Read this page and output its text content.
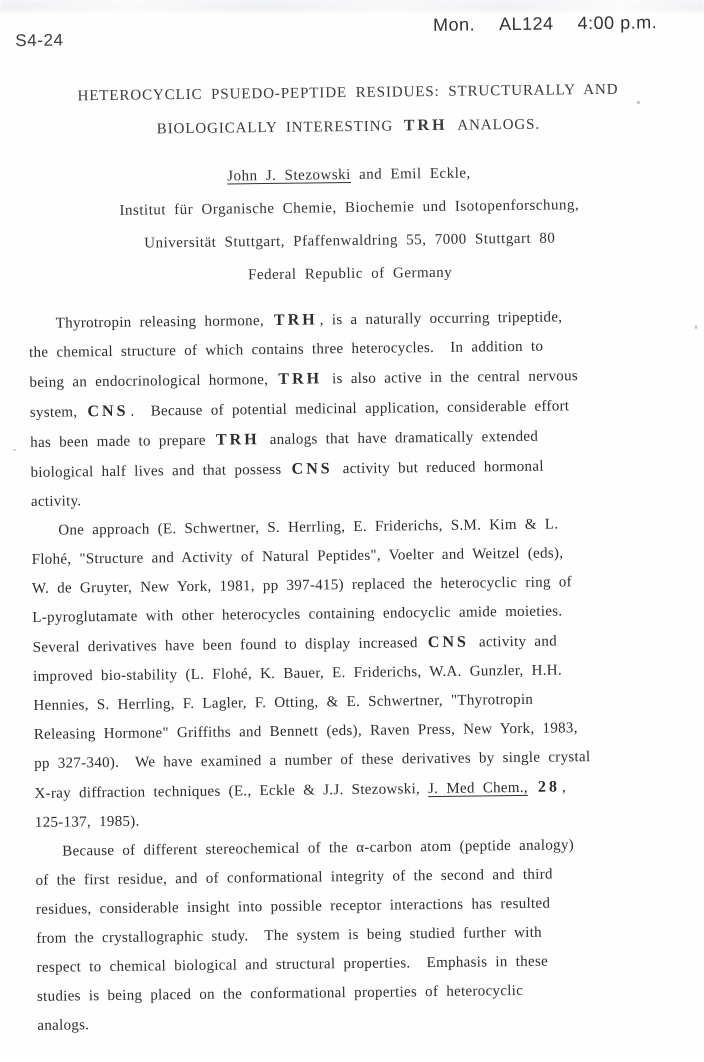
S4-24
Mon. AL124 4:00 p.m.
HETEROCYCLIC PSUEDO-PEPTIDE RESIDUES: STRUCTURALLY AND
BIOLOGICALLY INTERESTING TRH ANALOGS.
John J. Stezowski and Emil Eckle,
Institut für Organische Chemie, Biochemie und Isotopenforschung,
Universität Stuttgart, Pfaffenwaldring 55, 7000 Stuttgart 80
Federal Republic of Germany
Thyrotropin releasing hormone, TRH , is a naturally occurring tripeptide,
the chemical structure of which contains three heterocycles.  In addition to
being an endocrinological hormone, TRH is also active in the central nervous
system, CNS .  Because of potential medicinal application, considerable effort
has been made to prepare TRH analogs that have dramatically extended
biological half lives and that possess CNS activity but reduced hormonal
activity.
One approach (E. Schwertner, S. Herrling, E. Friderichs, S.M. Kim & L.
Flohé, "Structure and Activity of Natural Peptides", Voelter and Weitzel (eds),
W. de Gruyter, New York, 1981, pp 397-415) replaced the heterocyclic ring of
L-pyroglutamate with other heterocycles containing endocyclic amide moieties.
Several derivatives have been found to display increased CNS activity and
improved bio-stability (L. Flohé, K. Bauer, E. Friderichs, W.A. Gunzler, H.H.
Hennies, S. Herrling, F. Lagler, F. Otting, & E. Schwertner, "Thyrotropin
Releasing Hormone" Griffiths and Bennett (eds), Raven Press, New York, 1983,
pp 327-340).  We have examined a number of these derivatives by single crystal
X-ray diffraction techniques (E., Eckle & J.J. Stezowski, J. Med Chem., 28 ,
125-137, 1985).
Because of different stereochemical of the α-carbon atom (peptide analogy)
of the first residue, and of conformational integrity of the second and third
residues, considerable insight into possible receptor interactions has resulted
from the crystallographic study.  The system is being studied further with
respect to chemical biological and structural properties.  Emphasis in these
studies is being placed on the conformational properties of heterocyclic
analogs.
